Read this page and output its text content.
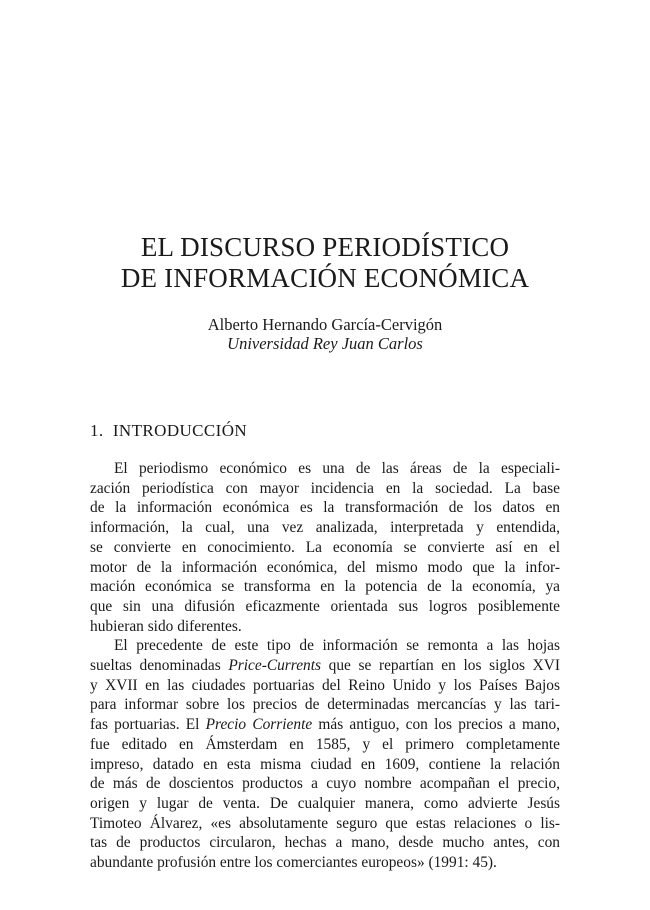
EL DISCURSO PERIODÍSTICO
DE INFORMACIÓN ECONÓMICA
Alberto Hernando García-Cervigón
Universidad Rey Juan Carlos
1. INTRODUCCIÓN
El periodismo económico es una de las áreas de la especiali-
zación periodística con mayor incidencia en la sociedad. La base
de la información económica es la transformación de los datos en
información, la cual, una vez analizada, interpretada y entendida,
se convierte en conocimiento. La economía se convierte así en el
motor de la información económica, del mismo modo que la infor-
mación económica se transforma en la potencia de la economía, ya
que sin una difusión eficazmente orientada sus logros posiblemente
hubieran sido diferentes.
El precedente de este tipo de información se remonta a las hojas
sueltas denominadas Price-Currents que se repartían en los siglos XVI
y XVII en las ciudades portuarias del Reino Unido y los Países Bajos
para informar sobre los precios de determinadas mercancías y las tari-
fas portuarias. El Precio Corriente más antiguo, con los precios a mano,
fue editado en Ámsterdam en 1585, y el primero completamente
impreso, datado en esta misma ciudad en 1609, contiene la relación
de más de doscientos productos a cuyo nombre acompañan el precio,
origen y lugar de venta. De cualquier manera, como advierte Jesús
Timoteo Álvarez, «es absolutamente seguro que estas relaciones o lis-
tas de productos circularon, hechas a mano, desde mucho antes, con
abundante profusión entre los comerciantes europeos» (1991: 45).
